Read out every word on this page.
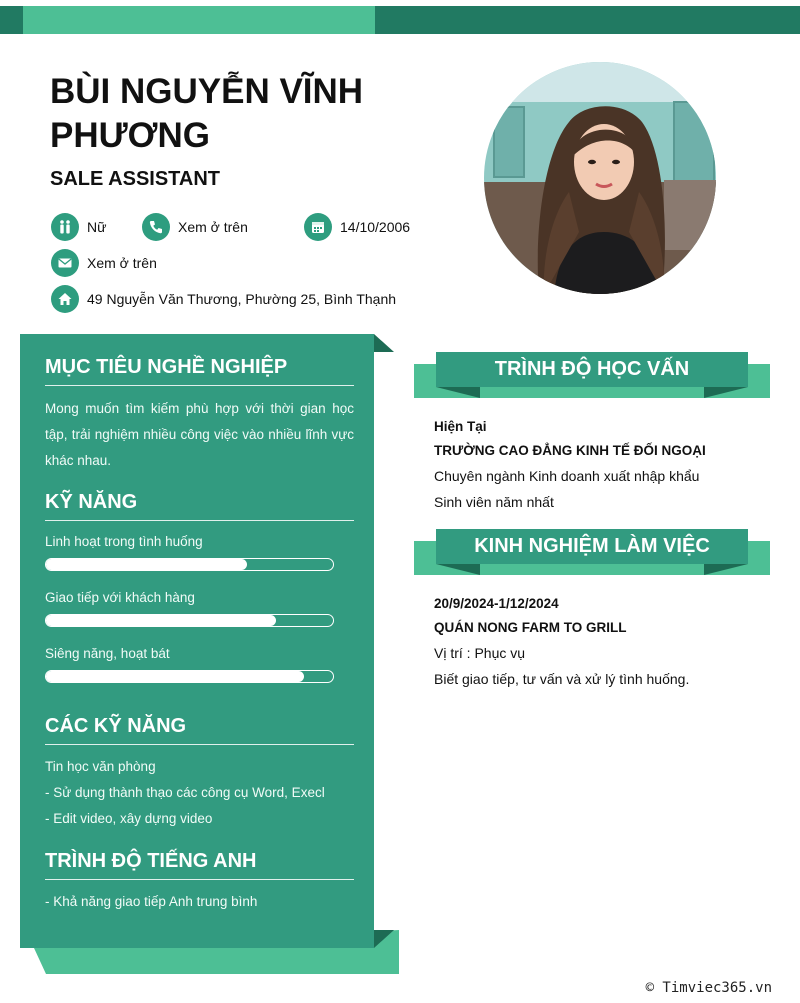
BÙI NGUYỄN VĨNH PHƯƠNG
SALE ASSISTANT
Nữ	Xem ở trên	14/10/2006
Xem ở trên
49 Nguyễn Văn Thương, Phường 25, Bình Thạnh
MỤC TIÊU NGHỀ NGHIỆP
Mong muốn tìm kiếm phù hợp với thời gian học tập, trải nghiệm nhiều công việc vào nhiều lĩnh vực khác nhau.
KỸ NĂNG
Linh hoạt trong tình huống
Giao tiếp với khách hàng
Siêng năng, hoạt bát
CÁC KỸ NĂNG
Tin học văn phòng
- Sử dụng thành thạo các công cụ Word, Execl
- Edit video, xây dựng video
TRÌNH ĐỘ TIẾNG ANH
- Khả năng giao tiếp Anh trung bình
TRÌNH ĐỘ HỌC VẤN
Hiện Tại
TRƯỜNG CAO ĐẲNG KINH TẾ ĐỐI NGOẠI
Chuyên ngành Kinh doanh xuất nhập khẩu
Sinh viên năm nhất
KINH NGHIỆM LÀM VIỆC
20/9/2024-1/12/2024
QUÁN NONG FARM TO GRILL
Vị trí : Phục vụ
Biết giao tiếp, tư vấn và xử lý tình huống.
© Timviec365.vn
